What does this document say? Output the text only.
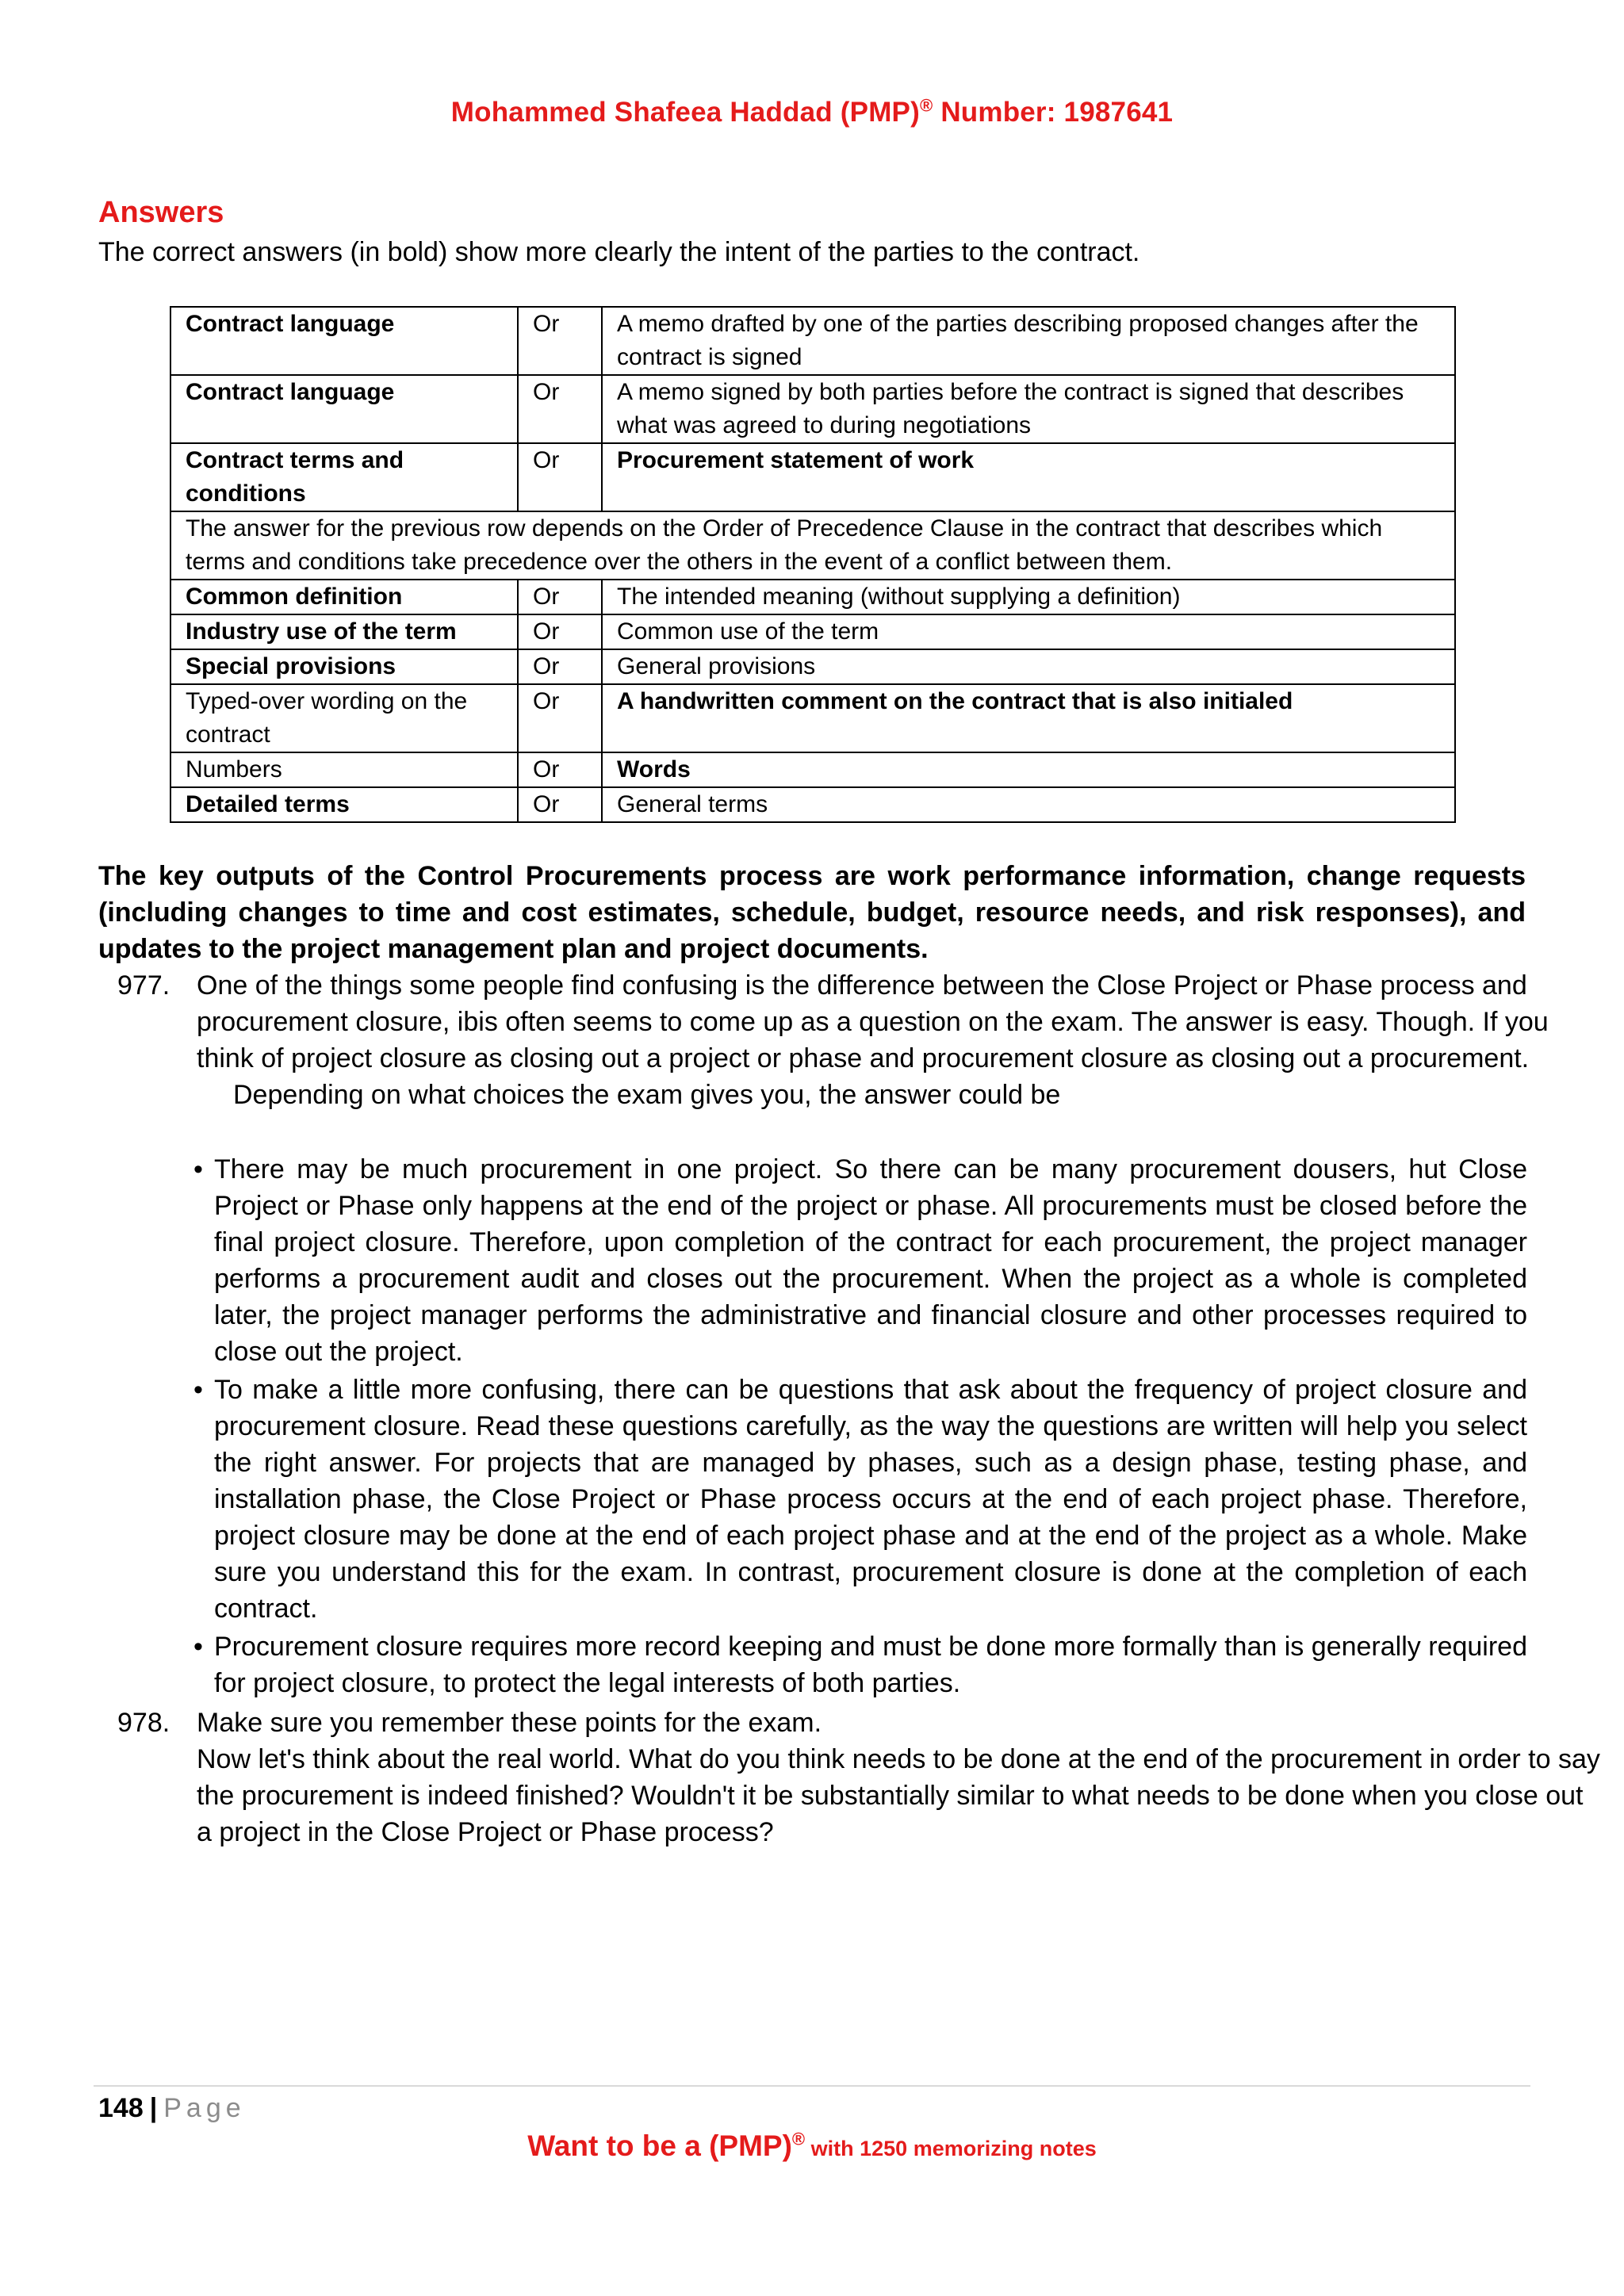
Mohammed Shafeea Haddad (PMP)® Number: 1987641
Answers
The correct answers (in bold) show more clearly the intent of the parties to the contract.
Contract language	Or	A memo drafted by one of the parties describing proposed changes after the contract is signed
Contract language	Or	A memo signed by both parties before the contract is signed that describes what was agreed to during negotiations
Contract terms and conditions	Or	Procurement statement of work
The answer for the previous row depends on the Order of Precedence Clause in the contract that describes which terms and conditions take precedence over the others in the event of a conflict between them.		
Common definition	Or	The intended meaning (without supplying a definition)
Industry use of the term	Or	Common use of the term
Special provisions	Or	General provisions
Typed-over wording on the contract	Or	A handwritten comment on the contract that is also initialed
Numbers	Or	Words
Detailed terms	Or	General terms
The key outputs of the Control Procurements process are work performance information, change requests (including changes to time and cost estimates, schedule, budget, resource needs, and risk responses), and updates to the project management plan and project documents.
977. One of the things some people find confusing is the difference between the Close Project or Phase process and procurement closure, ibis often seems to come up as a question on the exam. The answer is easy. Though. If you think of project closure as closing out a project or phase and procurement closure as closing out a procurement.
Depending on what choices the exam gives you, the answer could be
• There may be much procurement in one project. So there can be many procurement dousers, hut Close Project or Phase only happens at the end of the project or phase. All procurements must be closed before the final project closure. Therefore, upon completion of the contract for each procurement, the project manager performs a procurement audit and closes out the procurement. When the project as a whole is completed later, the project manager performs the administrative and financial closure and other processes required to close out the project.
• To make a little more confusing, there can be questions that ask about the frequency of project closure and procurement closure. Read these questions carefully, as the way the questions are written will help you select the right answer. For projects that are managed by phases, such as a design phase, testing phase, and installation phase, the Close Project or Phase process occurs at the end of each project phase. Therefore, project closure may be done at the end of each project phase and at the end of the project as a whole. Make sure you understand this for the exam. In contrast, procurement closure is done at the completion of each contract.
• Procurement closure requires more record keeping and must be done more formally than is generally required for project closure, to protect the legal interests of both parties.
978. Make sure you remember these points for the exam.
Now let's think about the real world. What do you think needs to be done at the end of the procurement in order to say the procurement is indeed finished? Wouldn't it be substantially similar to what needs to be done when you close out a project in the Close Project or Phase process?
148 | Page
Want to be a (PMP)® with 1250 memorizing notes
